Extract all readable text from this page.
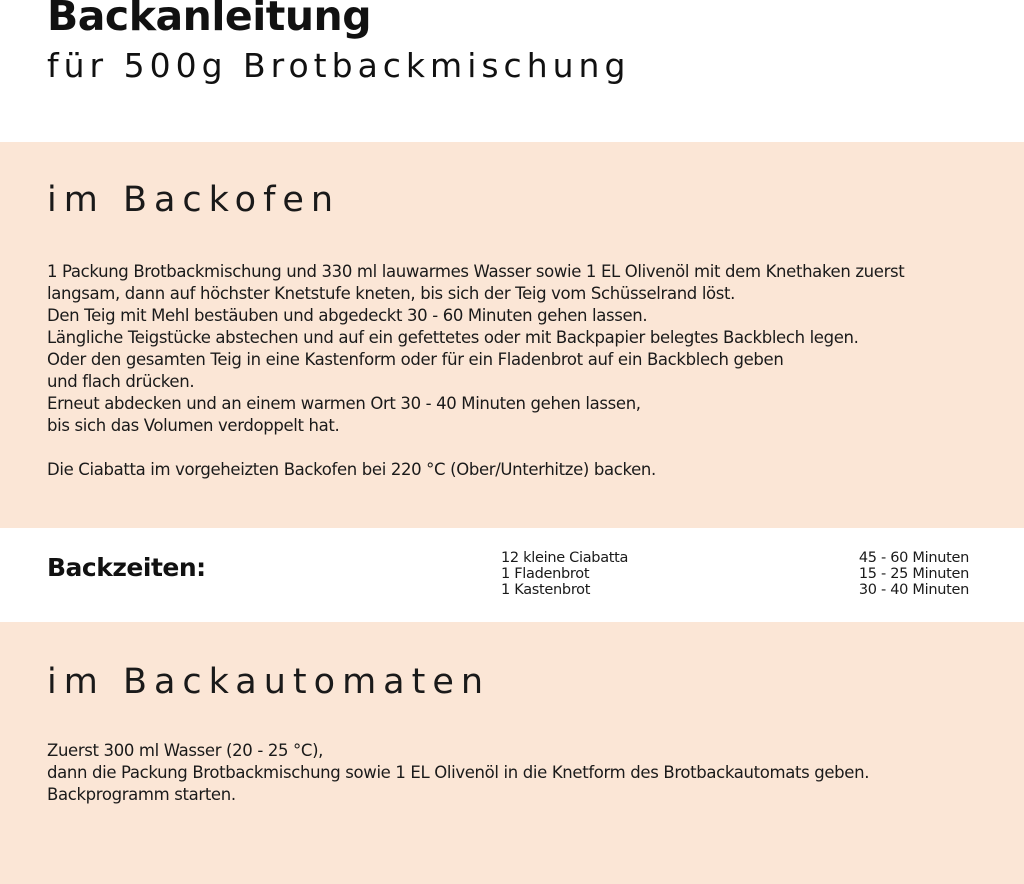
Backanleitung
für 500g Brotbackmischung
im Backofen
1 Packung Brotbackmischung und 330 ml lauwarmes Wasser sowie 1 EL Olivenöl mit dem Knethaken zuerst
langsam, dann auf höchster Knetstufe kneten, bis sich der Teig vom Schüsselrand löst.
Den Teig mit Mehl bestäuben und abgedeckt 30 - 60 Minuten gehen lassen.
Längliche Teigstücke abstechen und auf ein gefettetes oder mit Backpapier belegtes Backblech legen.
Oder den gesamten Teig in eine Kastenform oder für ein Fladenbrot auf ein Backblech geben
und flach drücken.
Erneut abdecken und an einem warmen Ort 30 - 40 Minuten gehen lassen,
bis sich das Volumen verdoppelt hat.
Die Ciabatta im vorgeheizten Backofen bei 220 °C (Ober/Unterhitze) backen.
Backzeiten:	12 kleine Ciabatta
1 Fladenbrot
1 Kastenbrot
45 - 60 Minuten
15 - 25 Minuten
30 - 40 Minuten
im Backautomaten
Zuerst 300 ml Wasser (20 - 25 °C),
dann die Packung Brotbackmischung sowie 1 EL Olivenöl in die Knetform des Brotbackautomats geben.
Backprogramm starten.
